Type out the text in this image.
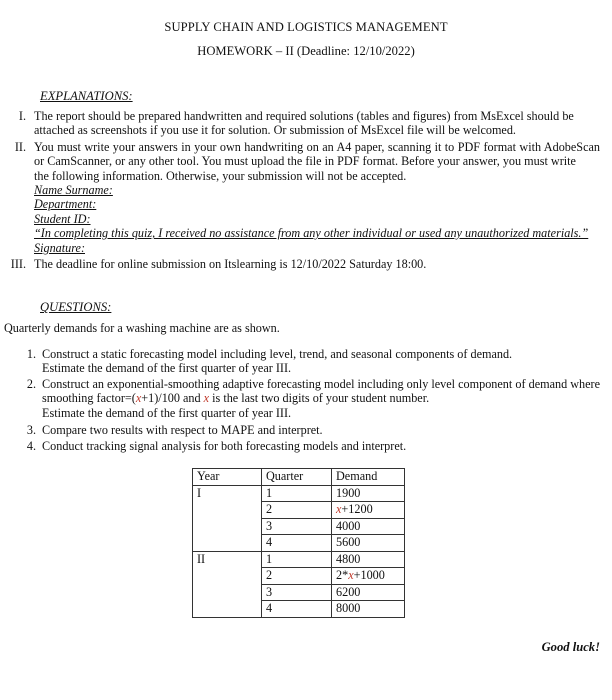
SUPPLY CHAIN AND LOGISTICS MANAGEMENT
HOMEWORK – II (Deadline: 12/10/2022)
EXPLANATIONS:
I. The report should be prepared handwritten and required solutions (tables and figures) from MsExcel should be
attached as screenshots if you use it for solution. Or submission of MsExcel file will be welcomed.
II. You must write your answers in your own handwriting on an A4 paper, scanning it to PDF format with AdobeScan or CamScanner, or any other tool. You must upload the file in PDF format. Before your answer, you must write
the following information. Otherwise, your submission will not be accepted.
Name Surname:
Department:
Student ID:
“In completing this quiz, I received no assistance from any other individual or used any unauthorized materials.”
Signature:
III. The deadline for online submission on Itslearning is 12/10/2022 Saturday 18:00.
QUESTIONS:
Quarterly demands for a washing machine are as shown.
1. Construct a static forecasting model including level, trend, and seasonal components of demand.
Estimate the demand of the first quarter of year III.
2. Construct an exponential-smoothing adaptive forecasting model including only level component of demand where smoothing factor=(x+1)/100 and x is the last two digits of your student number.
Estimate the demand of the first quarter of year III.
3. Compare two results with respect to MAPE and interpret.
4. Conduct tracking signal analysis for both forecasting models and interpret.
Year	Quarter	Demand
I	1	1900
	2	x+1200
	3	4000
	4	5600
II	1	4800
	2	2*x+1000
	3	6200
	4	8000
Good luck!
